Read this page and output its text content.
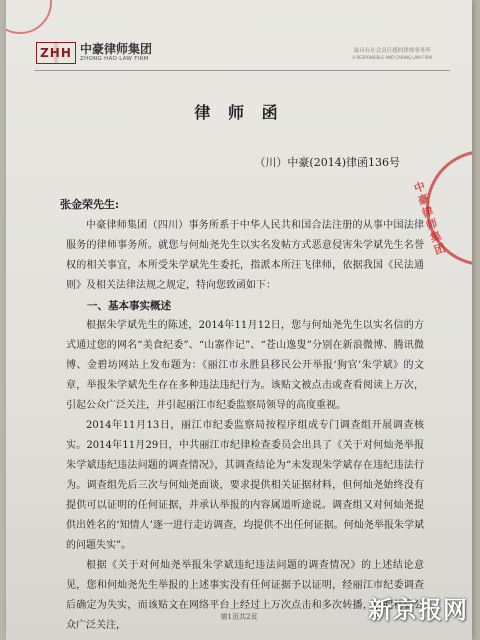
ZHH 中豪律师集团
ZHONG HAO LAW FIRM
最具有社会责任感的律师事务所
A RESPONSIBLE AND CARING LAW FIRM
律 师 函
（川）中豪(2014)律函136号
中豪律师集团
张金荣先生:

中豪律师集团（四川）事务所系于中华人民共和国合法注册的从事中国法律服务的律师事务所。就您与何灿尧先生以实名发帖方式恶意侵害朱学斌先生名誉权的相关事宜，本所受朱学斌先生委托，指派本所汪飞律师，依据我国《民法通则》及相关法律法规之规定，特向您致函如下：

一、基本事实概述

根据朱学斌先生的陈述，2014年11月12日，您与何灿尧先生以实名信的方式通过您的网名“美食纪委”、“山寨作记”、“苍山逸叟”分别在新浪微博、腾讯微博、金碧坊网站上发布题为：《丽江市永胜县移民公开举报‘狗官’朱学斌》的文章，举报朱学斌先生存在多种违法违纪行为。该贴文被点击或查看阅读上万次，引起公众广泛关注，并引起丽江市纪委监察局领导的高度重视。

2014年11月13日，丽江市纪委监察局按程序组成专门调查组开展调查核实。2014年11月29日，中共丽江市纪律检查委员会出具了《关于对何灿尧举报朱学斌违纪违法问题的调查情况》，其调查结论为“未发现朱学斌存在违纪违法行为。调查组先后三次与何灿尧面谈，要求提供相关证据材料，但何灿尧始终没有提供可以证明的任何证据，并承认举报的内容属道听途说。调查组又对何灿尧提供出姓名的‘知情人’逐一进行走访调查，均提供不出任何证据。何灿尧举报朱学斌的问题失实”。

根据《关于对何灿尧举报朱学斌违纪违法问题的调查情况》的上述结论意见，您和何灿尧先生举报的上述事实没有任何证据予以证明，经丽江市纪委调查后确定为失实，而该贴文在网络平台上经过上万次点击和多次转播，引起社会公众广泛关注，

第1页共2页	新京报网
